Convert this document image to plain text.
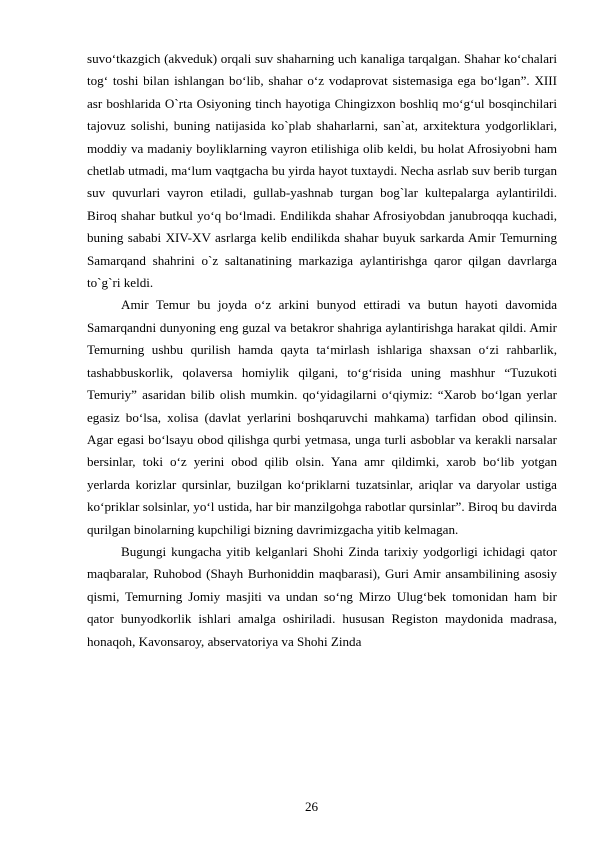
suvo‘tkazgich (akveduk) orqali suv shaharning uch kanaliga tarqalgan. Shahar ko‘chalari tog‘ toshi bilan ishlangan bo‘lib, shahar o‘z vodaprovat sistemasiga ega bo‘lgan”. XIII asr boshlarida O`rta Osiyoning tinch hayotiga Chingizxon boshliq mo‘g‘ul bosqinchilari tajovuz solishi, buning natijasida ko`plab shaharlarni, san`at, arxitektura yodgorliklari, moddiy va madaniy boyliklarning vayron etilishiga olib keldi, bu holat Afrosiyobni ham chetlab utmadi, ma‘lum vaqtgacha bu yirda hayot tuxtaydi. Necha asrlab suv berib turgan suv quvurlari vayron etiladi, gullab-yashnab turgan bog`lar kultepalarga aylantirildi. Biroq shahar butkul yo‘q bo‘lmadi. Endilikda shahar Afrosiyobdan janubroqqa kuchadi, buning sababi XIV-XV asrlarga kelib endilikda shahar buyuk sarkarda Amir Temurning Samarqand shahrini o`z saltanatining markaziga aylantirishga qaror qilgan davrlarga to`g`ri keldi.

Amir Temur bu joyda o‘z arkini bunyod ettiradi va butun hayoti davomida Samarqandni dunyoning eng guzal va betakror shahriga aylantirishga harakat qildi. Amir Temurning ushbu qurilish hamda qayta ta‘mirlash ishlariga shaxsan o‘zi rahbarlik, tashabbuskorlik, qolaversa homiylik qilgani, to‘g‘risida uning mashhur “Tuzukoti Temuriy” asaridan bilib olish mumkin. qo‘yidagilarni o‘qiymiz: “Xarob bo‘lgan yerlar egasiz bo‘lsa, xolisa (davlat yerlarini boshqaruvchi mahkama) tarfidan obod qilinsin. Agar egasi bo‘lsayu obod qilishga qurbi yetmasa, unga turli asboblar va kerakli narsalar bersinlar, toki o‘z yerini obod qilib olsin. Yana amr qildimki, xarob bo‘lib yotgan yerlarda korizlar qursinlar, buzilgan ko‘priklarni tuzatsinlar, ariqlar va daryolar ustiga ko‘priklar solsinlar, yo‘l ustida, har bir manzilgohga rabotlar qursinlar”. Biroq bu davirda qurilgan binolarning kupchiligi bizning davrimizgacha yitib kelmagan.

Bugungi kungacha yitib kelganlari Shohi Zinda tarixiy yodgorligi ichidagi qator maqbaralar, Ruhobod (Shayh Burhoniddin maqbarasi), Guri Amir ansambilining asosiy qismi, Temurning Jomiy masjiti va undan so‘ng Mirzo Ulug‘bek tomonidan ham bir qator bunyodkorlik ishlari amalga oshiriladi. hususan Registon maydonida madrasa, honaqoh, Kavonsaroy, abservatoriya va Shohi Zinda

26
